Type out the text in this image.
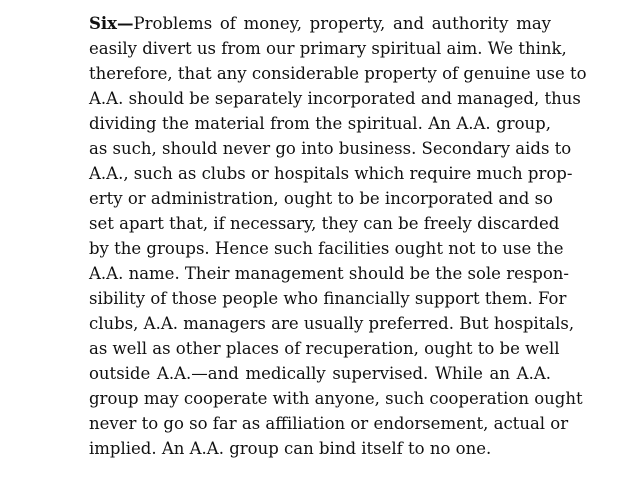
Six—Problems of money, property, and authority may
easily divert us from our primary spiritual aim. We think,
therefore, that any considerable property of genuine use to
A.A. should be separately incorporated and managed, thus
dividing the material from the spiritual. An A.A. group,
as such, should never go into business. Secondary aids to
A.A., such as clubs or hospitals which require much prop-
erty or administration, ought to be incorporated and so
set apart that, if necessary, they can be freely discarded
by the groups. Hence such facilities ought not to use the
A.A. name. Their management should be the sole respon-
sibility of those people who financially support them. For
clubs, A.A. managers are usually preferred. But hospitals,
as well as other places of recuperation, ought to be well
outside A.A.—and medically supervised. While an A.A.
group may cooperate with anyone, such cooperation ought
never to go so far as affiliation or endorsement, actual or
implied. An A.A. group can bind itself to no one.
